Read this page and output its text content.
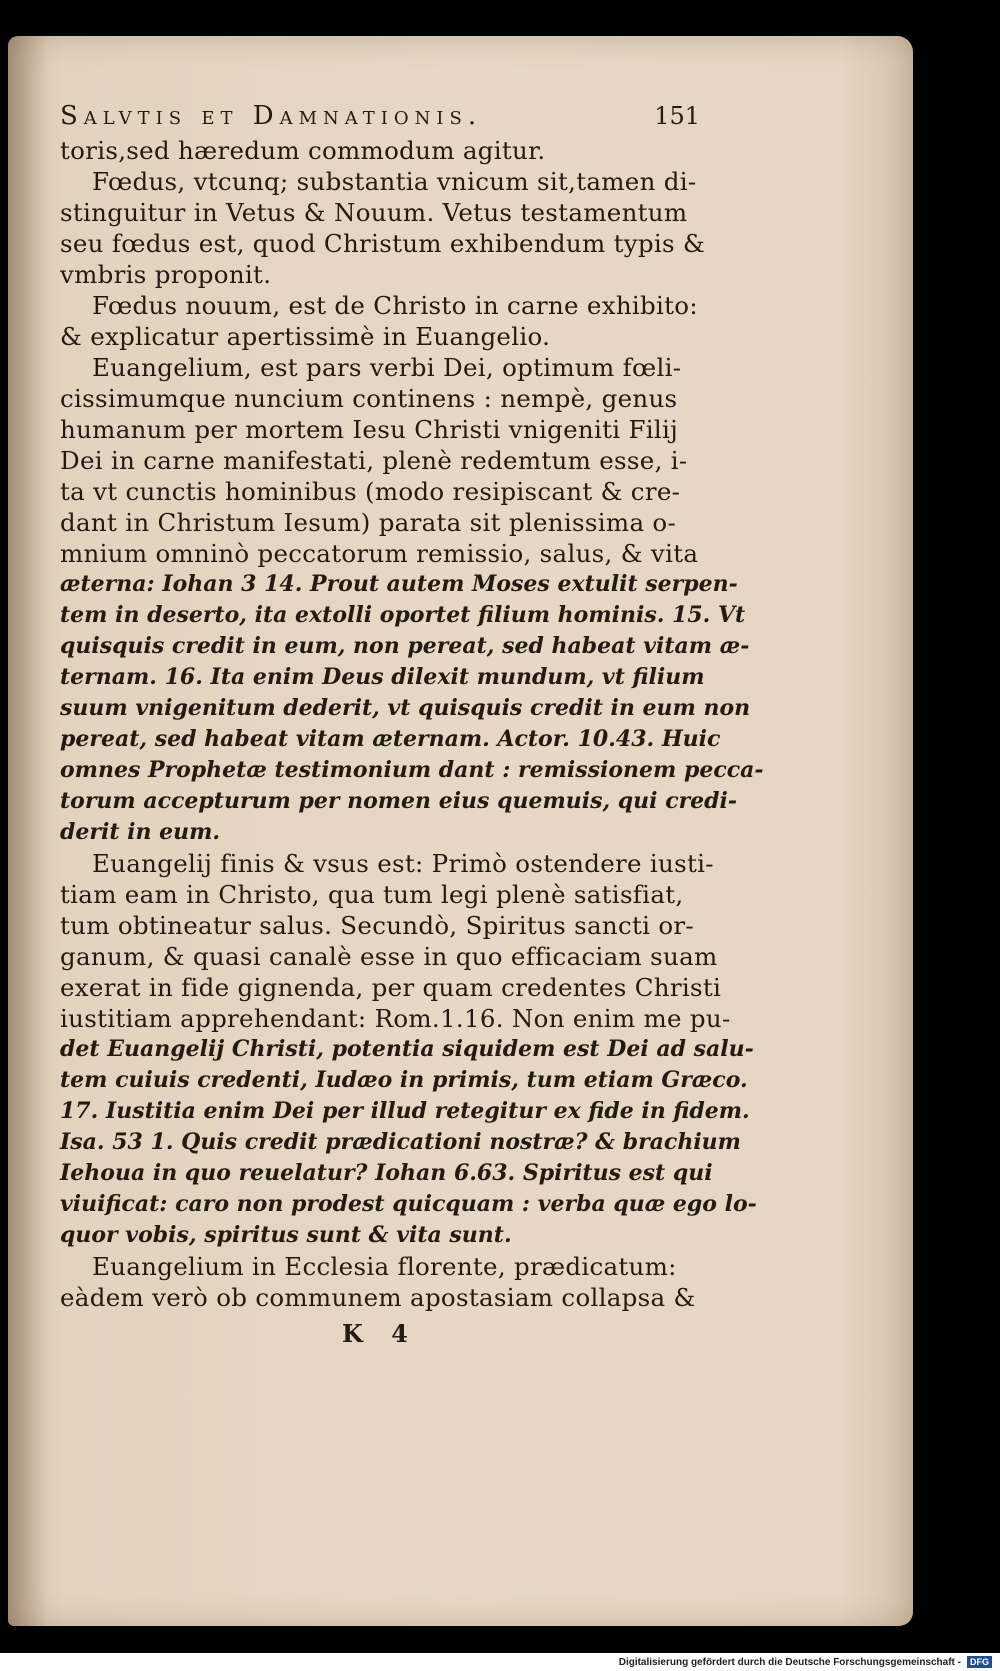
Salvtis et Damnationis.	151
toris,sed hæredum commodum agitur.
Fœdus, vtcunq; substantia vnicum sit,tamen di-
stinguitur in Vetus & Nouum. Vetus testamentum
seu fœdus est, quod Christum exhibendum typis &
vmbris proponit.
Fœdus nouum, est de Christo in carne exhibito:
& explicatur apertissimè in Euangelio.
Euangelium, est pars verbi Dei, optimum fœli-
cissimumque nuncium continens : nempè, genus
humanum per mortem Iesu Christi vnigeniti Filij
Dei in carne manifestati, plenè redemtum esse, i-
ta vt cunctis hominibus (modo resipiscant & cre-
dant in Christum Iesum) parata sit plenissima o-
mnium omninò peccatorum remissio, salus, & vita
æterna: Iohan 3 14. Prout autem Moses extulit serpen-
tem in deserto, ita extolli oportet filium hominis. 15. Vt
quisquis credit in eum, non pereat, sed habeat vitam æ-
ternam. 16. Ita enim Deus dilexit mundum, vt filium
suum vnigenitum dederit, vt quisquis credit in eum non
pereat, sed habeat vitam æternam. Actor. 10.43. Huic
omnes Prophetæ testimonium dant : remissionem pecca-
torum accepturum per nomen eius quemuis, qui credi-
derit in eum.
Euangelij finis & vsus est: Primò ostendere iusti-
tiam eam in Christo, qua tum legi plenè satisfiat,
tum obtineatur salus. Secundò, Spiritus sancti or-
ganum, & quasi canalè esse in quo efficaciam suam
exerat in fide gignenda, per quam credentes Christi
iustitiam apprehendant: Rom.1.16. Non enim me pu-
det Euangelij Christi, potentia siquidem est Dei ad salu-
tem cuiuis credenti, Iudæo in primis, tum etiam Græco.
17. Iustitia enim Dei per illud retegitur ex fide in fidem.
Isa. 53 1. Quis credit prædicationi nostræ? & brachium
Iehoua in quo reuelatur? Iohan 6.63. Spiritus est qui
viuificat: caro non prodest quicquam : verba quæ ego lo-
quor vobis, spiritus sunt & vita sunt.
Euangelium in Ecclesia florente, prædicatum:
eàdem verò ob communem apostasiam collapsa &
K 4
Digitalisierung gefördert durch die Deutsche Forschungsgemeinschaft -	DFG
